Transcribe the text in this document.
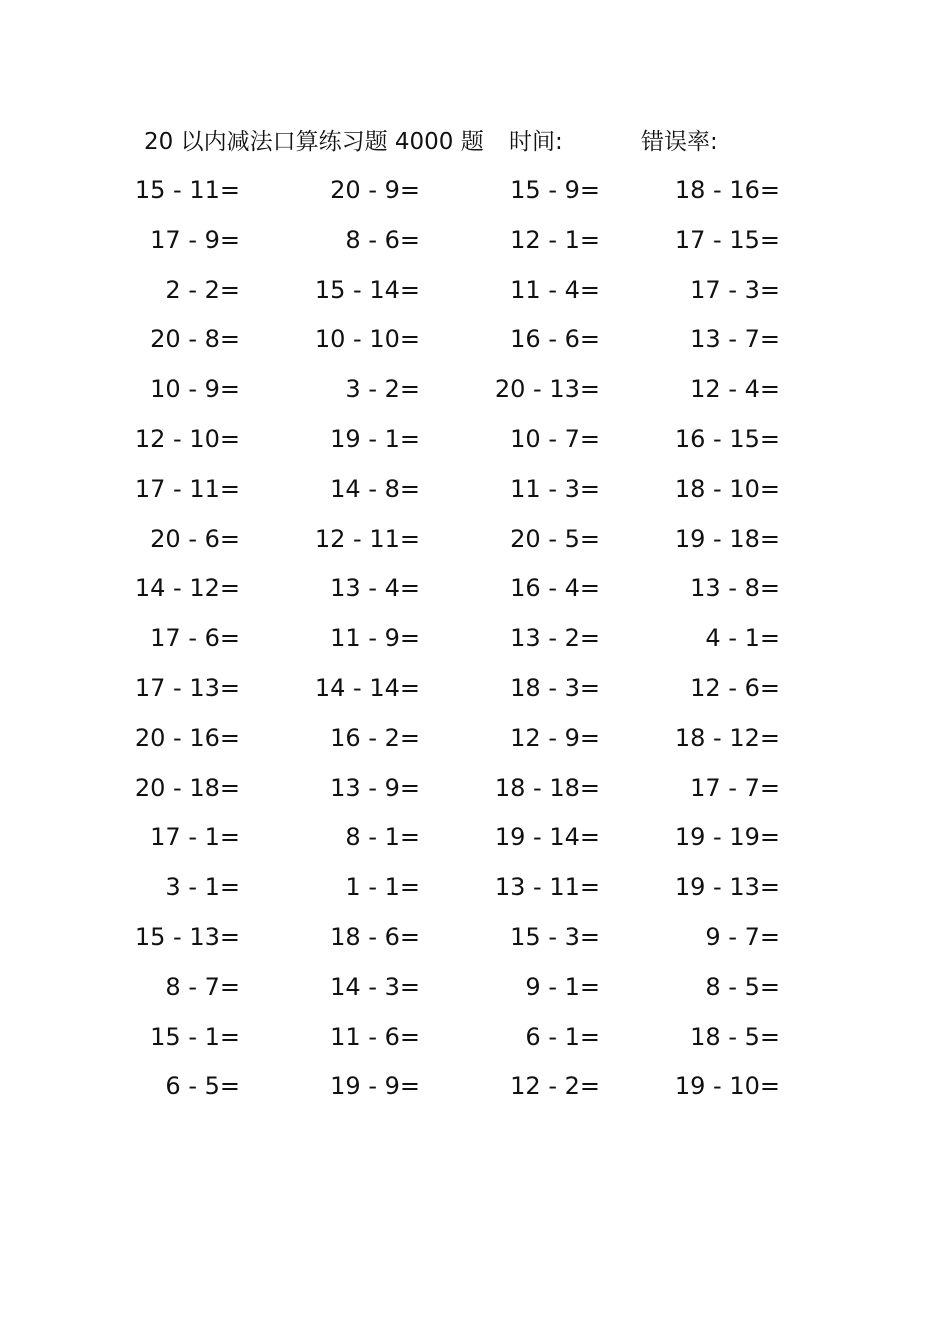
20 以内减法口算练习题 4000 题 时间:	错误率:
15 - 11=	20 - 9=	15 - 9=	18 - 16=
17 - 9=	8 - 6=	12 - 1=	17 - 15=
2 - 2=	15 - 14=	11 - 4=	17 - 3=
20 - 8=	10 - 10=	16 - 6=	13 - 7=
10 - 9=	3 - 2=	20 - 13=	12 - 4=
12 - 10=	19 - 1=	10 - 7=	16 - 15=
17 - 11=	14 - 8=	11 - 3=	18 - 10=
20 - 6=	12 - 11=	20 - 5=	19 - 18=
14 - 12=	13 - 4=	16 - 4=	13 - 8=
17 - 6=	11 - 9=	13 - 2=	4 - 1=
17 - 13=	14 - 14=	18 - 3=	12 - 6=
20 - 16=	16 - 2=	12 - 9=	18 - 12=
20 - 18=	13 - 9=	18 - 18=	17 - 7=
17 - 1=	8 - 1=	19 - 14=	19 - 19=
3 - 1=	1 - 1=	13 - 11=	19 - 13=
15 - 13=	18 - 6=	15 - 3=	9 - 7=
8 - 7=	14 - 3=	9 - 1=	8 - 5=
15 - 1=	11 - 6=	6 - 1=	18 - 5=
6 - 5=	19 - 9=	12 - 2=	19 - 10=
